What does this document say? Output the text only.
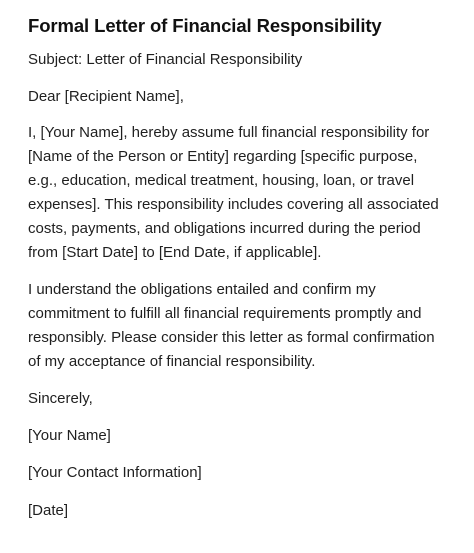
Formal Letter of Financial Responsibility

Subject: Letter of Financial Responsibility

Dear [Recipient Name],

I, [Your Name], hereby assume full financial responsibility for
[Name of the Person or Entity] regarding [specific purpose,
e.g., education, medical treatment, housing, loan, or travel
expenses]. This responsibility includes covering all associated
costs, payments, and obligations incurred during the period
from [Start Date] to [End Date, if applicable].
I understand the obligations entailed and confirm my
commitment to fulfill all financial requirements promptly and
responsibly. Please consider this letter as formal confirmation
of my acceptance of financial responsibility.

Sincerely,

[Your Name]

[Your Contact Information]

[Date]
